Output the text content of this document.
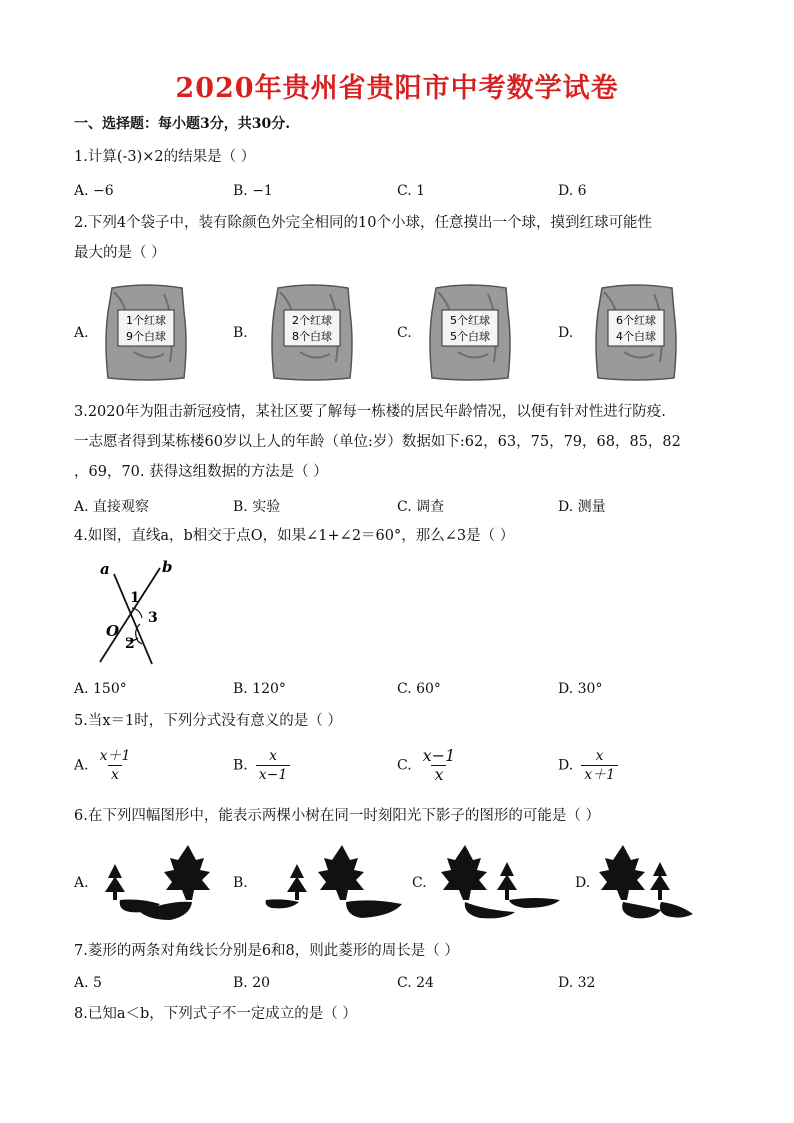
2020年贵州省贵阳市中考数学试卷
一、选择题：每小题3分，共30分.
1.计算(-3)×2的结果是（ ）
A. −6	B. −1	C. 1	D. 6
2.下列4个袋子中，装有除颜色外完全相同的10个小球，任意摸出一个球，摸到红球可能性
最大的是（ ）
A.	B.	C.	D.
1个红球
9个白球
2个红球
8个白球
5个红球
5个白球
6个红球
4个白球
3.2020年为阻击新冠疫情，某社区要了解每一栋楼的居民年龄情况，以便有针对性进行防疫.
一志愿者得到某栋楼60岁以上人的年龄（单位:岁）数据如下:62，63，75，79，68，85，82
，69，70. 获得这组数据的方法是（ ）
A. 直接观察	B. 实验	C. 调查	D. 测量
4.如图，直线a，b相交于点O，如果∠1+∠2＝60°，那么∠3是（ ）
a	b
O
1
2
3
A. 150°	B. 120°	C. 60°	D. 30°
5.当x＝1时，下列分式没有意义的是（ ）
A. $\frac{x+1}{x}$	B. $\frac{x}{x-1}$	C. $\frac{x-1}{x}$	D. $\frac{x}{x+1}$
6.在下列四幅图形中，能表示两棵小树在同一时刻阳光下影子的图形的可能是（ ）
A.	B.	C.	D.
7.菱形的两条对角线长分别是6和8，则此菱形的周长是（ ）
A. 5	B. 20	C. 24	D. 32
8.已知a＜b，下列式子不一定成立的是（ ）
